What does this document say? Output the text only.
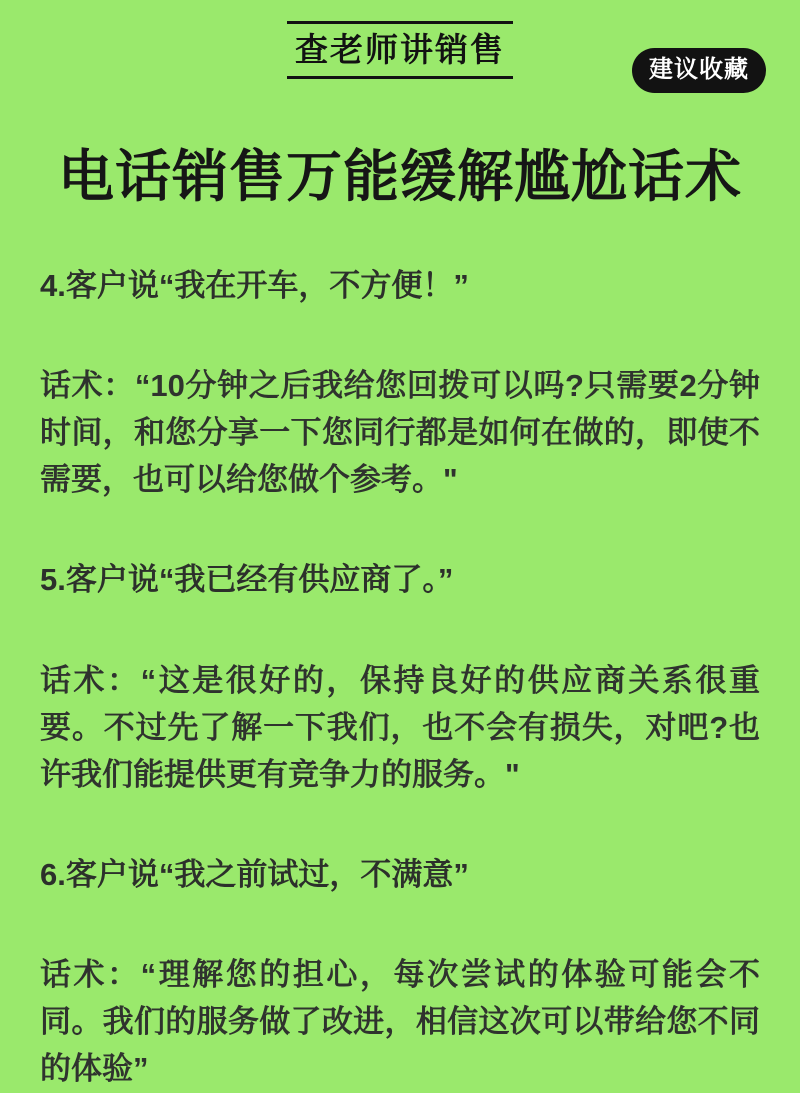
查老师讲销售
建议收藏
电话销售万能缓解尴尬话术
4.客户说“我在开车，不方便！”

话术：“10分钟之后我给您回拨可以吗?只需要2分钟时间，和您分享一下您同行都是如何在做的，即使不需要，也可以给您做个参考。"

5.客户说“我已经有供应商了。”

话术：“这是很好的，保持良好的供应商关系很重要。不过先了解一下我们，也不会有损失，对吧?也许我们能提供更有竞争力的服务。"

6.客户说“我之前试过，不满意”

话术：“理解您的担心，每次尝试的体验可能会不同。我们的服务做了改进，相信这次可以带给您不同的体验”
